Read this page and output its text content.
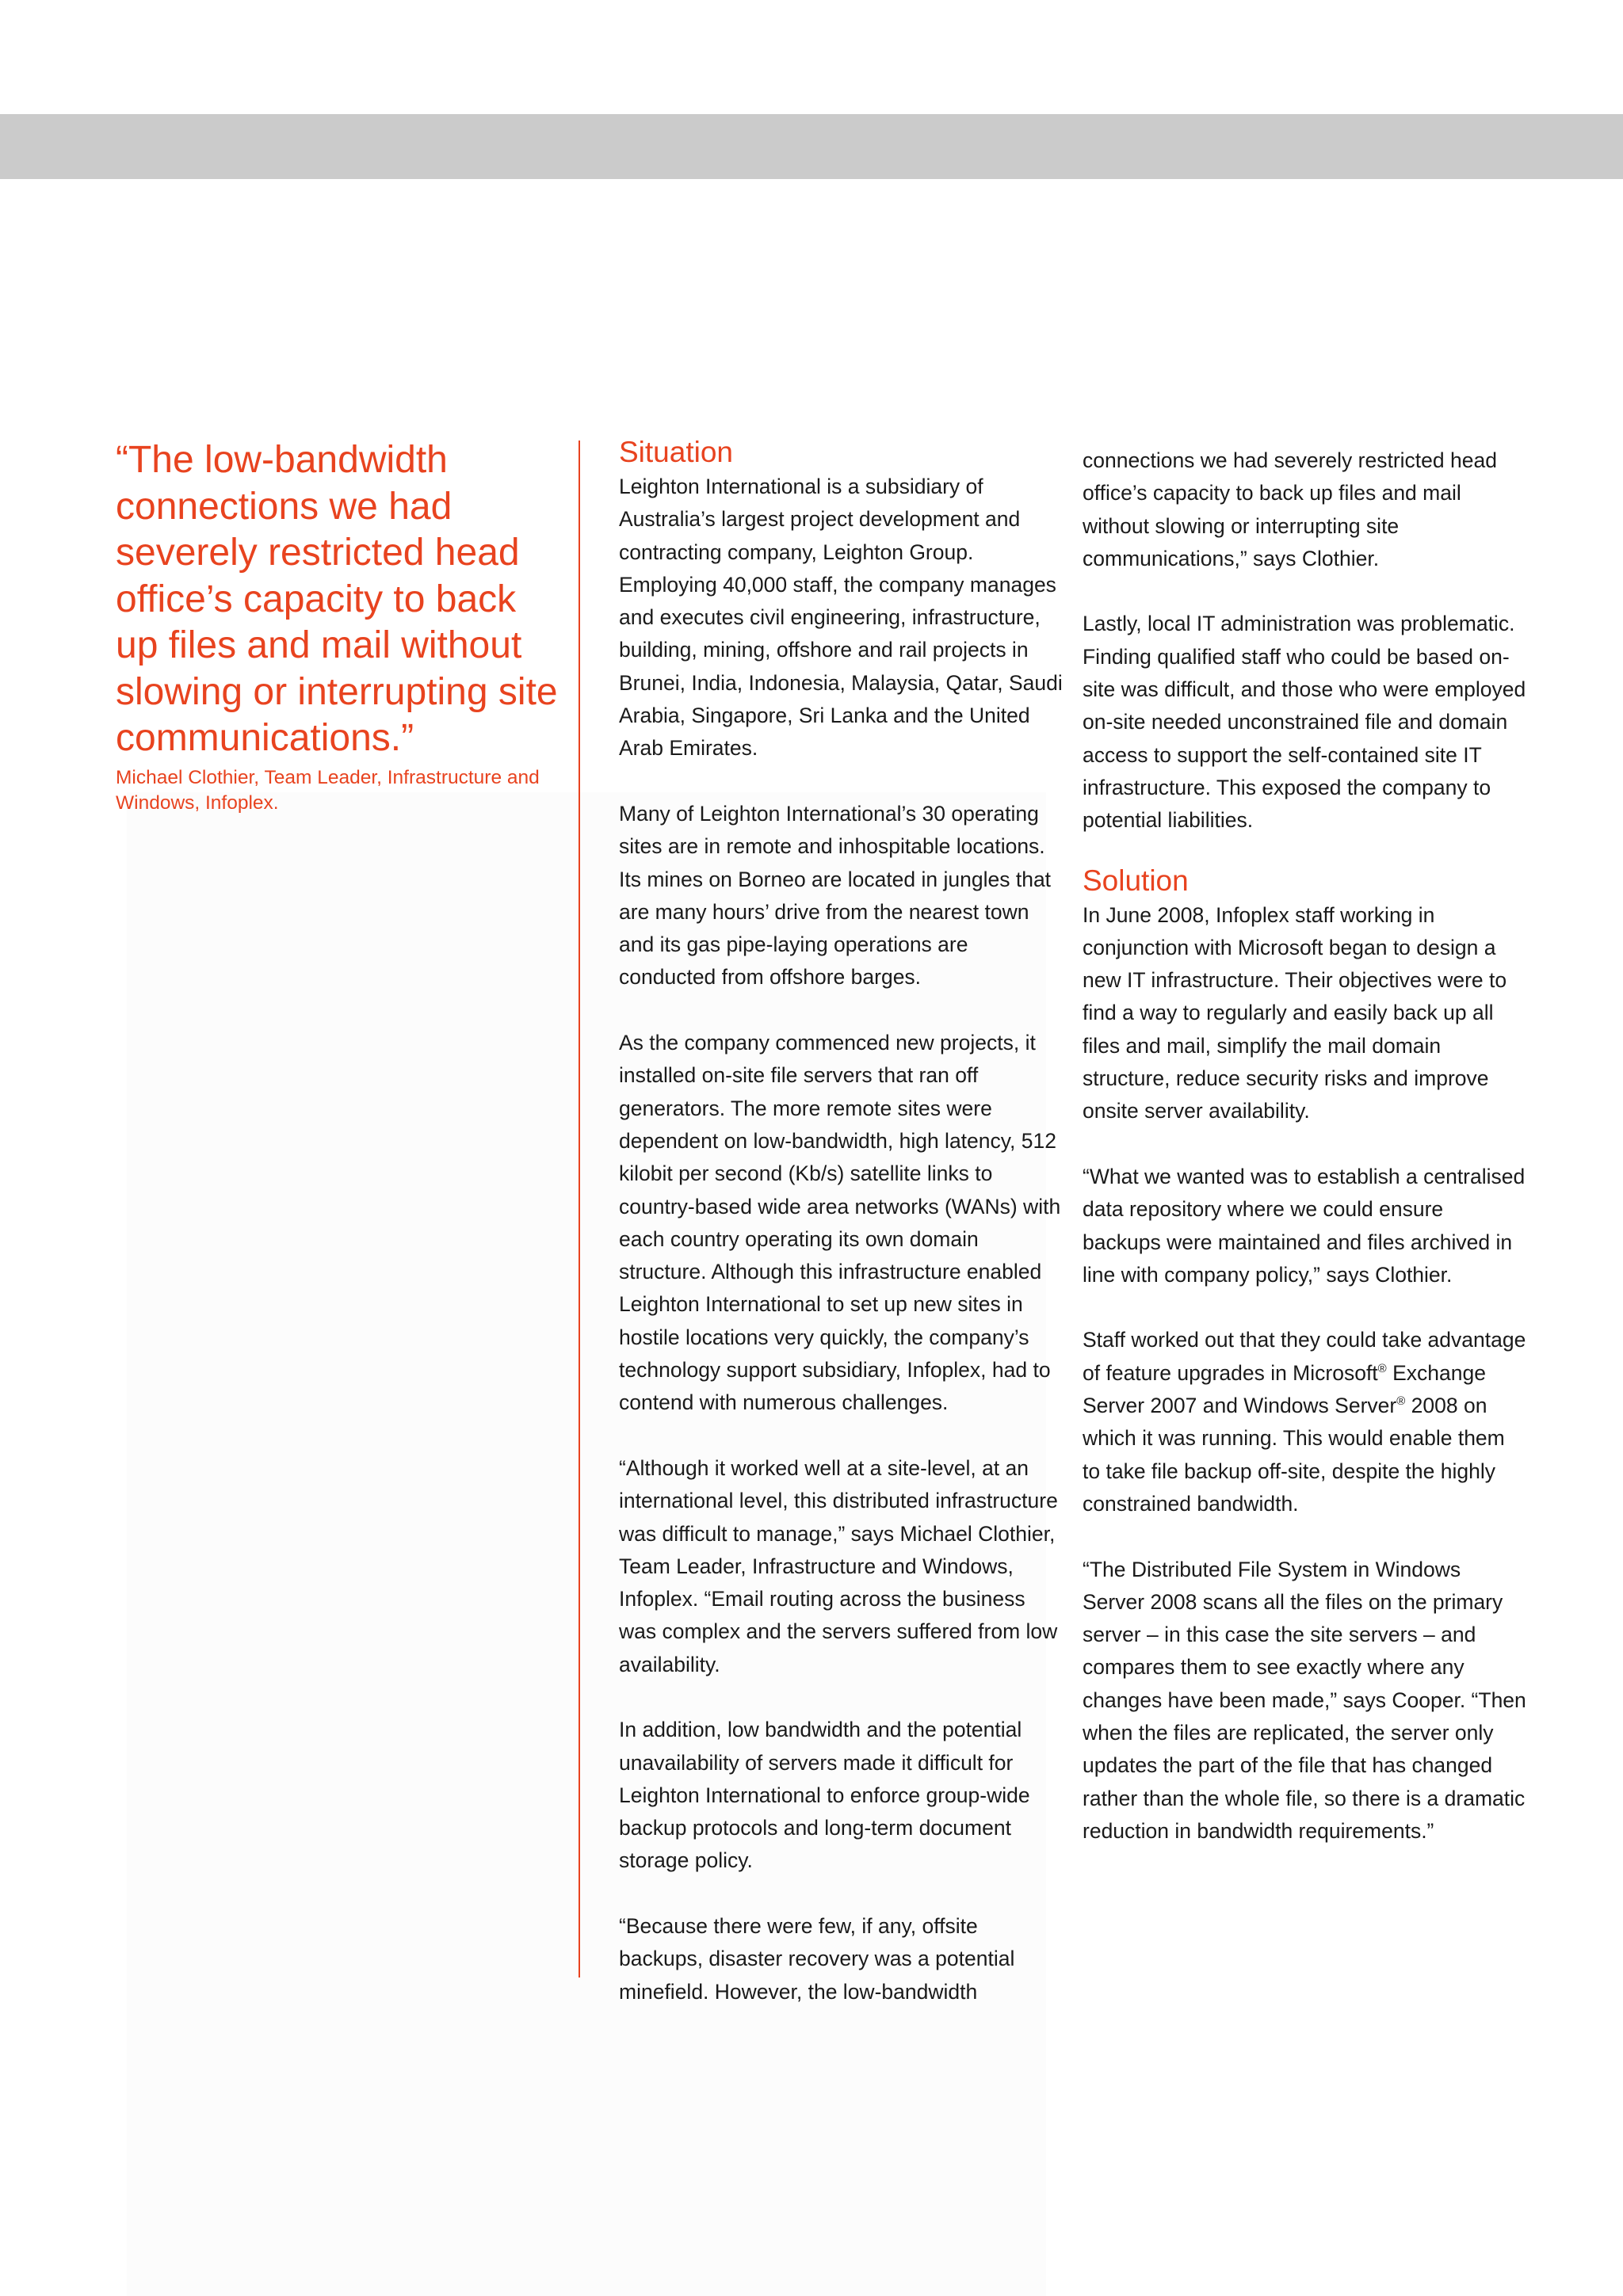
“The low-bandwidth connections we had severely restricted head office’s capacity to back up files and mail without slowing or interrupting site communications.”

Michael Clothier, Team Leader, Infrastructure and Windows, Infoplex.

Situation

Leighton International is a subsidiary of Australia’s largest project development and contracting company, Leighton Group. Employing 40,000 staff, the company manages and executes civil engineering, infrastructure, building, mining, offshore and rail projects in Brunei, India, Indonesia, Malaysia, Qatar, Saudi Arabia, Singapore, Sri Lanka and the United Arab Emirates.

Many of Leighton International’s 30 operating sites are in remote and inhospitable locations. Its mines on Borneo are located in jungles that are many hours’ drive from the nearest town and its gas pipe-laying operations are conducted from offshore barges.

As the company commenced new projects, it installed on-site file servers that ran off generators. The more remote sites were dependent on low-bandwidth, high latency, 512 kilobit per second (Kb/s) satellite links to country-based wide area networks (WANs) with each country operating its own domain structure. Although this infrastructure enabled Leighton International to set up new sites in hostile locations very quickly, the company’s technology support subsidiary, Infoplex, had to contend with numerous challenges.

“Although it worked well at a site-level, at an international level, this distributed infrastructure was difficult to manage,” says Michael Clothier, Team Leader, Infrastructure and Windows, Infoplex. “Email routing across the business was complex and the servers suffered from low availability.

In addition, low bandwidth and the potential unavailability of servers made it difficult for Leighton International to enforce group-wide backup protocols and long-term document storage policy.

“Because there were few, if any, offsite backups, disaster recovery was a potential minefield. However, the low-bandwidth

connections we had severely restricted head office’s capacity to back up files and mail without slowing or interrupting site communications,” says Clothier.

Lastly, local IT administration was problematic. Finding qualified staff who could be based on-site was difficult, and those who were employed on-site needed unconstrained file and domain access to support the self-contained site IT infrastructure. This exposed the company to potential liabilities.

Solution

In June 2008, Infoplex staff working in conjunction with Microsoft began to design a new IT infrastructure. Their objectives were to find a way to regularly and easily back up all files and mail, simplify the mail domain structure, reduce security risks and improve onsite server availability.

“What we wanted was to establish a centralised data repository where we could ensure backups were maintained and files archived in line with company policy,” says Clothier.

Staff worked out that they could take advantage of feature upgrades in Microsoft® Exchange Server 2007 and Windows Server® 2008 on which it was running. This would enable them to take file backup off-site, despite the highly constrained bandwidth.

“The Distributed File System in Windows Server 2008 scans all the files on the primary server – in this case the site servers – and compares them to see exactly where any changes have been made,” says Cooper. “Then when the files are replicated, the server only updates the part of the file that has changed rather than the whole file, so there is a dramatic reduction in bandwidth requirements.”
